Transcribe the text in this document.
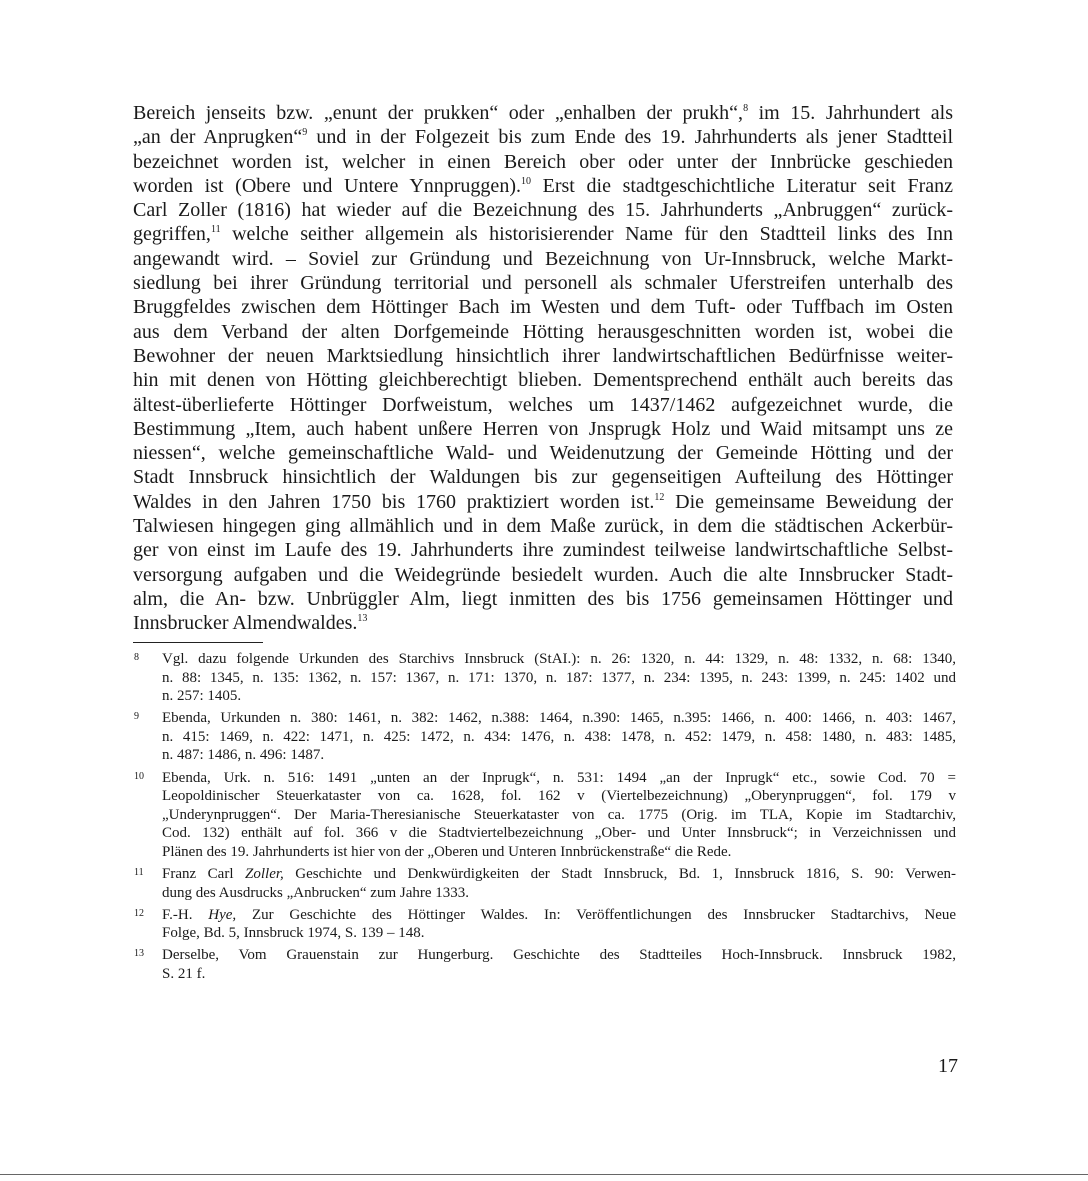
Bereich jenseits bzw. „enunt der prukken“ oder „enhalben der prukh“,$^8$ im 15. Jahrhundert als
„an der Anprugken“$^9$ und in der Folgezeit bis zum Ende des 19. Jahrhunderts als jener Stadtteil
bezeichnet worden ist, welcher in einen Bereich ober oder unter der Innbrücke geschieden
worden ist (Obere und Untere Ynnpruggen).$^{10}$ Erst die stadtgeschichtliche Literatur seit Franz
Carl Zoller (1816) hat wieder auf die Bezeichnung des 15. Jahrhunderts „Anbruggen“ zurück-
gegriffen,$^{11}$ welche seither allgemein als historisierender Name für den Stadtteil links des Inn
angewandt wird. – Soviel zur Gründung und Bezeichnung von Ur-Innsbruck, welche Markt-
siedlung bei ihrer Gründung territorial und personell als schmaler Uferstreifen unterhalb des
Bruggfeldes zwischen dem Höttinger Bach im Westen und dem Tuft- oder Tuffbach im Osten
aus dem Verband der alten Dorfgemeinde Hötting herausgeschnitten worden ist, wobei die
Bewohner der neuen Marktsiedlung hinsichtlich ihrer landwirtschaftlichen Bedürfnisse weiter-
hin mit denen von Hötting gleichberechtigt blieben. Dementsprechend enthält auch bereits das
ältest-überlieferte Höttinger Dorfweistum, welches um 1437/1462 aufgezeichnet wurde, die
Bestimmung „Item, auch habent unßere Herren von Jnsprugk Holz und Waid mitsampt uns ze
niessen“, welche gemeinschaftliche Wald- und Weidenutzung der Gemeinde Hötting und der
Stadt Innsbruck hinsichtlich der Waldungen bis zur gegenseitigen Aufteilung des Höttinger
Waldes in den Jahren 1750 bis 1760 praktiziert worden ist.$^{12}$ Die gemeinsame Beweidung der
Talwiesen hingegen ging allmählich und in dem Maße zurück, in dem die städtischen Ackerbür-
ger von einst im Laufe des 19. Jahrhunderts ihre zumindest teilweise landwirtschaftliche Selbst-
versorgung aufgaben und die Weidegründe besiedelt wurden. Auch die alte Innsbrucker Stadt-
alm, die An- bzw. Unbrüggler Alm, liegt inmitten des bis 1756 gemeinsamen Höttinger und
Innsbrucker Almendwaldes.$^{13}$
8 Vgl. dazu folgende Urkunden des Starchivs Innsbruck (StAI.): n. 26: 1320, n. 44: 1329, n. 48: 1332, n. 68: 1340,
n. 88: 1345, n. 135: 1362, n. 157: 1367, n. 171: 1370, n. 187: 1377, n. 234: 1395, n. 243: 1399, n. 245: 1402 und
n. 257: 1405.
9 Ebenda, Urkunden n. 380: 1461, n. 382: 1462, n.388: 1464, n.390: 1465, n.395: 1466, n. 400: 1466, n. 403: 1467,
n. 415: 1469, n. 422: 1471, n. 425: 1472, n. 434: 1476, n. 438: 1478, n. 452: 1479, n. 458: 1480, n. 483: 1485,
n. 487: 1486, n. 496: 1487.
10 Ebenda, Urk. n. 516: 1491 „unten an der Inprugk“, n. 531: 1494 „an der Inprugk“ etc., sowie Cod. 70 =
Leopoldinischer Steuerkataster von ca. 1628, fol. 162 v (Viertelbezeichnung) „Oberynpruggen“, fol. 179 v
„Underynpruggen“. Der Maria-Theresianische Steuerkataster von ca. 1775 (Orig. im TLA, Kopie im Stadtarchiv,
Cod. 132) enthält auf fol. 366 v die Stadtviertelbezeichnung „Ober- und Unter Innsbruck“; in Verzeichnissen und
Plänen des 19. Jahrhunderts ist hier von der „Oberen und Unteren Innbrückenstraße“ die Rede.
11 Franz Carl Zoller, Geschichte und Denkwürdigkeiten der Stadt Innsbruck, Bd. 1, Innsbruck 1816, S. 90: Verwen-
dung des Ausdrucks „Anbrucken“ zum Jahre 1333.
12 F.-H. Hye, Zur Geschichte des Höttinger Waldes. In: Veröffentlichungen des Innsbrucker Stadtarchivs, Neue
Folge, Bd. 5, Innsbruck 1974, S. 139 – 148.
13 Derselbe, Vom Grauenstain zur Hungerburg. Geschichte des Stadtteiles Hoch-Innsbruck. Innsbruck 1982,
S. 21 f.
17
